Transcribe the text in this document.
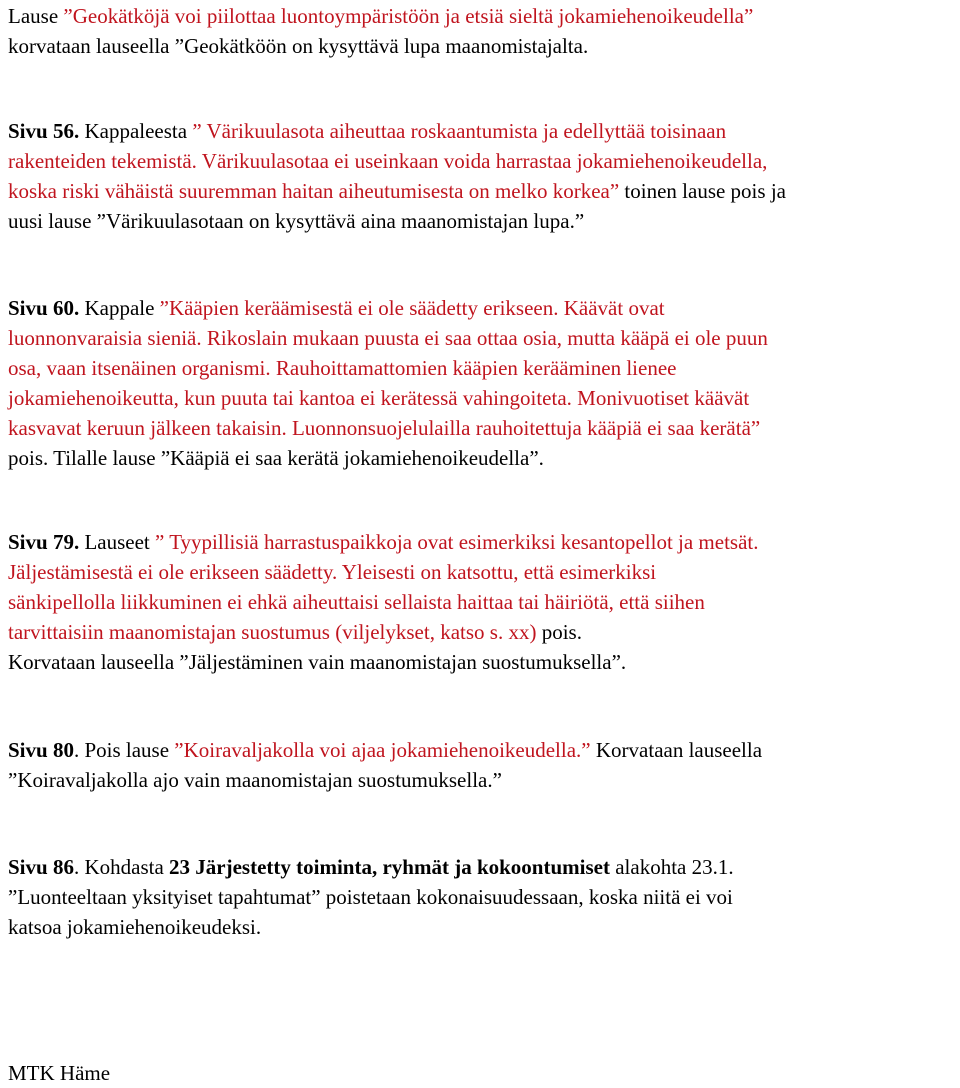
Lause ”Geokätköjä voi piilottaa luontoympäristöön ja etsiä sieltä jokamiehenoikeudella”
korvataan lauseella ”Geokätköön on kysyttävä lupa maanomistajalta.
Sivu 56. Kappaleesta ” Värikuulasota aiheuttaa roskaantumista ja edellyttää toisinaan
rakenteiden tekemistä. Värikuulasotaa ei useinkaan voida harrastaa jokamiehenoikeudella,
koska riski vähäistä suuremman haitan aiheutumisesta on melko korkea” toinen lause pois ja
uusi lause ”Värikuulasotaan on kysyttävä aina maanomistajan lupa.”
Sivu 60. Kappale ”Kääpien keräämisestä ei ole säädetty erikseen. Käävät ovat
luonnonvaraisia sieniä. Rikoslain mukaan puusta ei saa ottaa osia, mutta kääpä ei ole puun
osa, vaan itsenäinen organismi. Rauhoittamattomien kääpien kerääminen lienee
jokamiehenoikeutta, kun puuta tai kantoa ei kerätessä vahingoiteta. Monivuotiset käävät
kasvavat keruun jälkeen takaisin. Luonnonsuojelulailla rauhoitettuja kääpiä ei saa kerätä”
pois. Tilalle lause ”Kääpiä ei saa kerätä jokamiehenoikeudella”.
Sivu 79. Lauseet ” Tyypillisiä harrastuspaikkoja ovat esimerkiksi kesantopellot ja metsät.
Jäljestämisestä ei ole erikseen säädetty. Yleisesti on katsottu, että esimerkiksi
sänkipellolla liikkuminen ei ehkä aiheuttaisi sellaista haittaa tai häiriötä, että siihen
tarvittaisiin maanomistajan suostumus (viljelykset, katso s. xx) pois.
Korvataan lauseella ”Jäljestäminen vain maanomistajan suostumuksella”.
Sivu 80. Pois lause ”Koiravaljakolla voi ajaa jokamiehenoikeudella.” Korvataan lauseella
”Koiravaljakolla ajo vain maanomistajan suostumuksella.”
Sivu 86. Kohdasta 23 Järjestetty toiminta, ryhmät ja kokoontumiset alakohta 23.1.
”Luonteeltaan yksityiset tapahtumat” poistetaan kokonaisuudessaan, koska niitä ei voi
katsoa jokamiehenoikeudeksi.
MTK Häme
